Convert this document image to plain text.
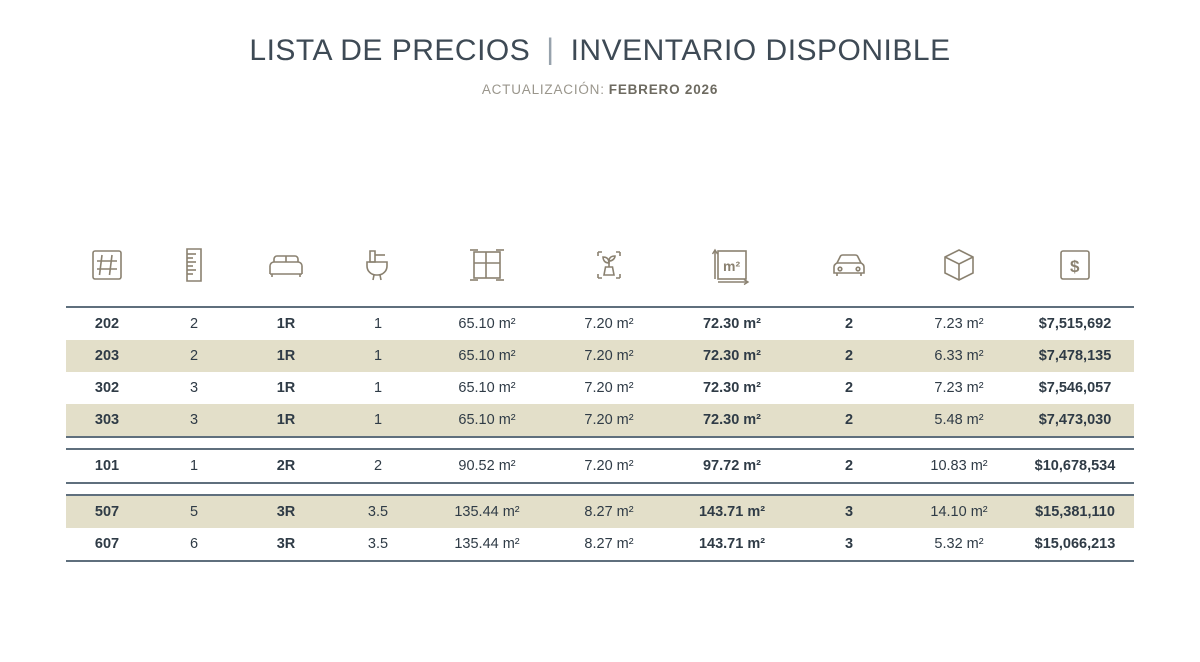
LISTA DE PRECIOS | INVENTARIO DISPONIBLE
ACTUALIZACIÓN: FEBRERO 2026

m²			$

202	2	1R	1	65.10 m²	7.20 m²	72.30 m²	2	7.23 m²	$7,515,692
203	2	1R	1	65.10 m²	7.20 m²	72.30 m²	2	6.33 m²	$7,478,135
302	3	1R	1	65.10 m²	7.20 m²	72.30 m²	2	7.23 m²	$7,546,057
303	3	1R	1	65.10 m²	7.20 m²	72.30 m²	2	5.48 m²	$7,473,030

101	1	2R	2	90.52 m²	7.20 m²	97.72 m²	2	10.83 m²	$10,678,534

507	5	3R	3.5	135.44 m²	8.27 m²	143.71 m²	3	14.10 m²	$15,381,110
607	6	3R	3.5	135.44 m²	8.27 m²	143.71 m²	3	5.32 m²	$15,066,213
